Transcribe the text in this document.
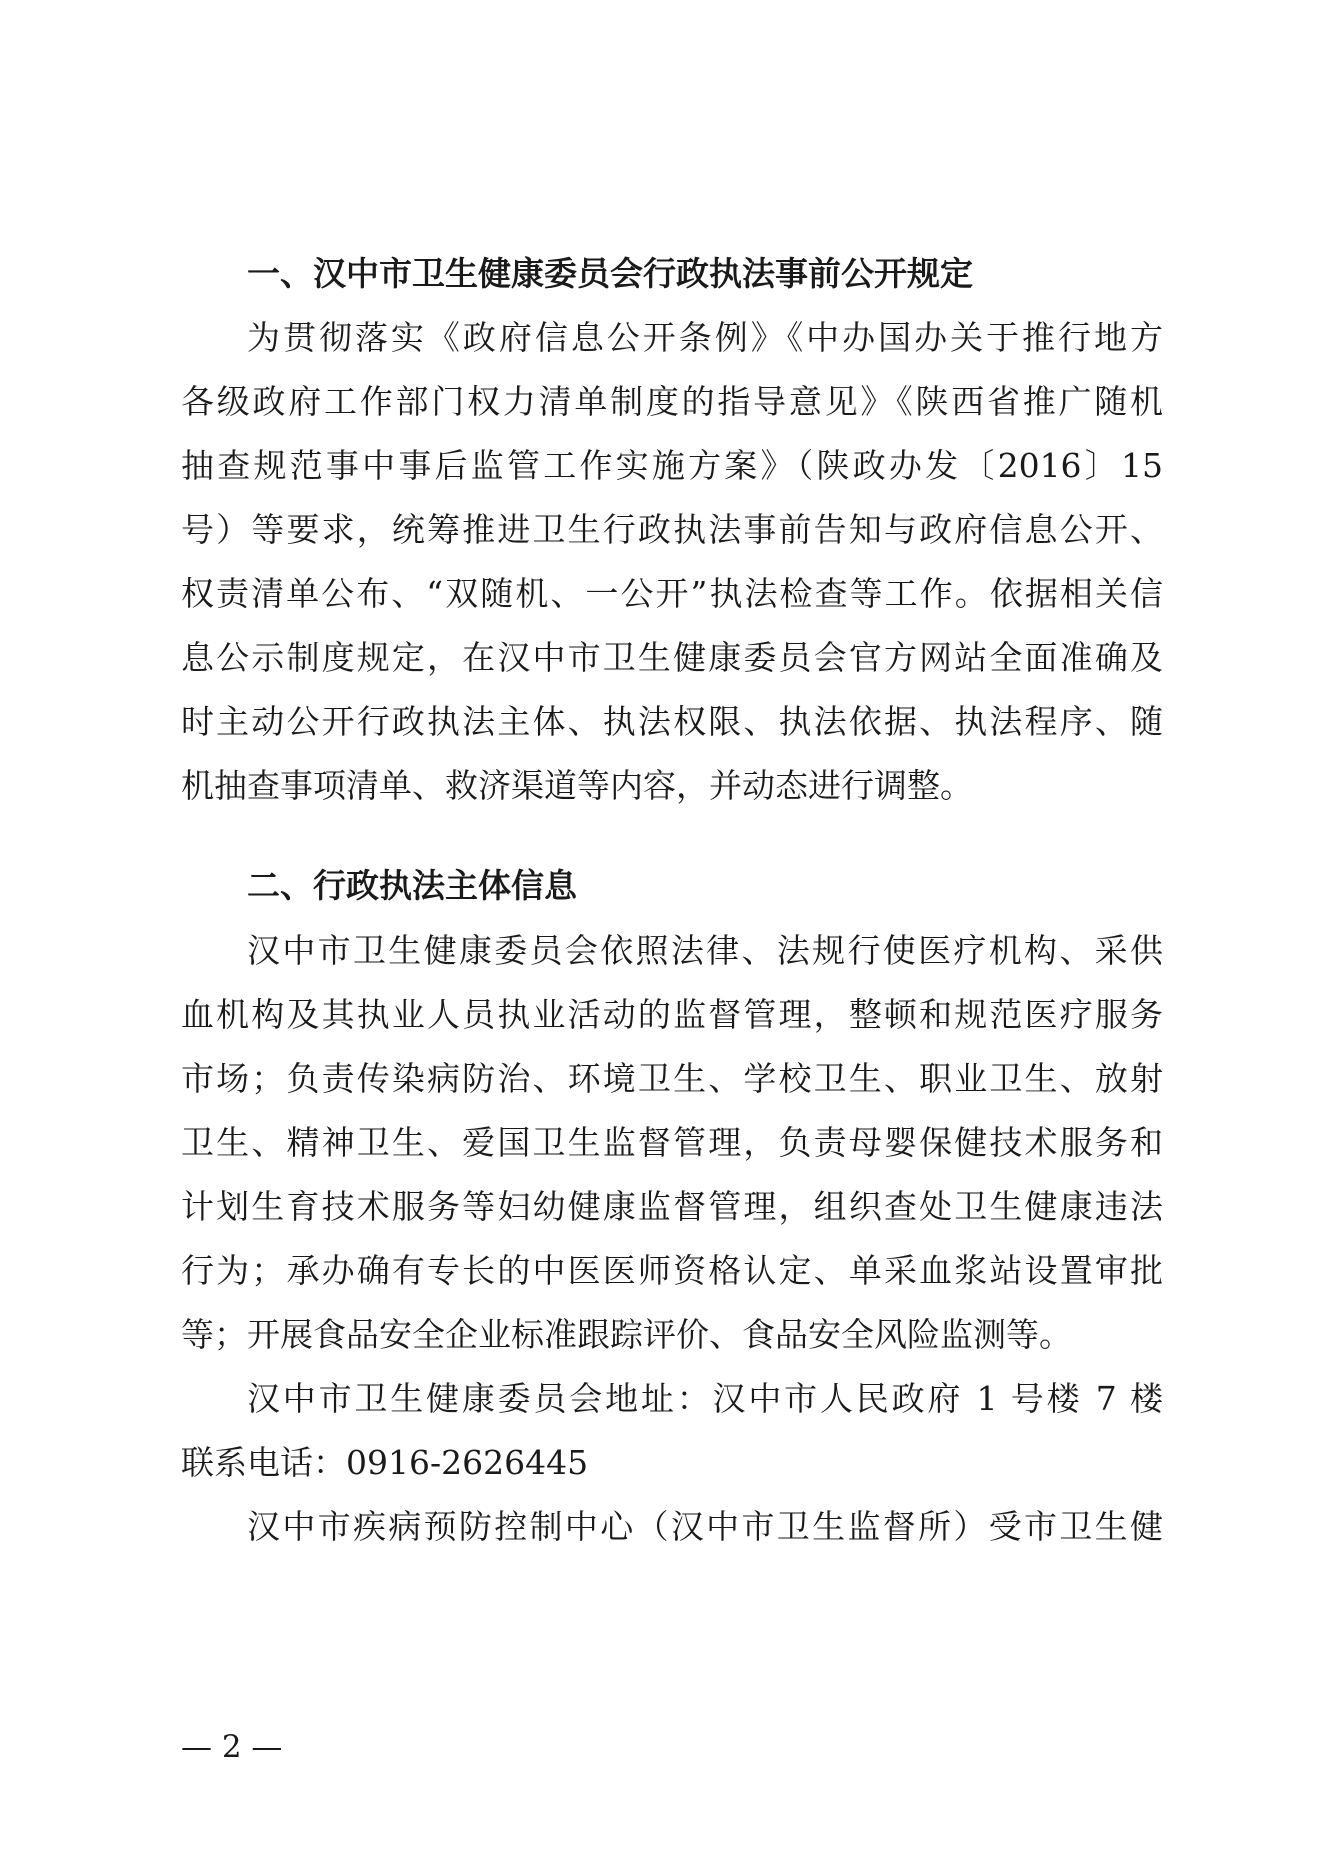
一、汉中市卫生健康委员会行政执法事前公开规定
为贯彻落实《政府信息公开条例》《中办国办关于推行地方
各级政府工作部门权力清单制度的指导意见》《陕西省推广随机
抽查规范事中事后监管工作实施方案》（陕政办发〔2016〕15
号）等要求，统筹推进卫生行政执法事前告知与政府信息公开、
权责清单公布、“双随机、一公开”执法检查等工作。依据相关信
息公示制度规定，在汉中市卫生健康委员会官方网站全面准确及
时主动公开行政执法主体、执法权限、执法依据、执法程序、随
机抽查事项清单、救济渠道等内容，并动态进行调整。
二、行政执法主体信息
汉中市卫生健康委员会依照法律、法规行使医疗机构、采供
血机构及其执业人员执业活动的监督管理，整顿和规范医疗服务
市场；负责传染病防治、环境卫生、学校卫生、职业卫生、放射
卫生、精神卫生、爱国卫生监督管理，负责母婴保健技术服务和
计划生育技术服务等妇幼健康监督管理，组织查处卫生健康违法
行为；承办确有专长的中医医师资格认定、单采血浆站设置审批
等；开展食品安全企业标准跟踪评价、食品安全风险监测等。
汉中市卫生健康委员会地址：汉中市人民政府 1 号楼 7 楼
联系电话：0916-2626445
汉中市疾病预防控制中心（汉中市卫生监督所）受市卫生健
— 2 —
